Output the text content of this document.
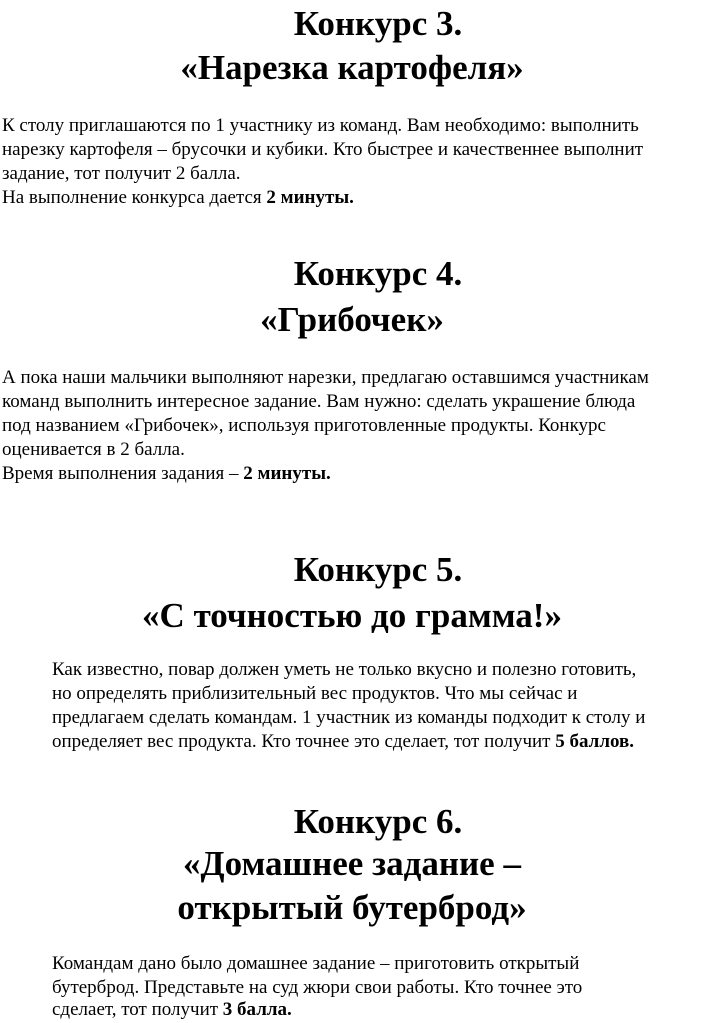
Конкурс 3.
«Нарезка картофеля»

К столу приглашаются по 1 участнику из команд. Вам необходимо: выполнить

нарезку картофеля – брусочки и кубики. Кто быстрее и качественнее выполнит

задание, тот получит 2 балла.

На выполнение конкурса дается 2 минуты.

Конкурс 4.
«Грибочек»

А пока наши мальчики выполняют нарезки, предлагаю оставшимся участникам

команд выполнить интересное задание. Вам нужно: сделать украшение блюда

под названием «Грибочек», используя приготовленные продукты. Конкурс

оценивается в 2 балла.

Время выполнения задания – 2 минуты.

Конкурс 5.
«С точностью до грамма!»

Как известно, повар должен уметь не только вкусно и полезно готовить,

но определять приблизительный вес продуктов. Что мы сейчас и

предлагаем сделать командам. 1 участник из команды подходит к столу и

определяет вес продукта. Кто точнее это сделает, тот получит 5 баллов.

Конкурс 6.
«Домашнее задание –
открытый бутерброд»

Командам дано было домашнее задание – приготовить открытый

бутерброд. Представьте на суд жюри свои работы. Кто точнее это

сделает, тот получит 3 балла.
